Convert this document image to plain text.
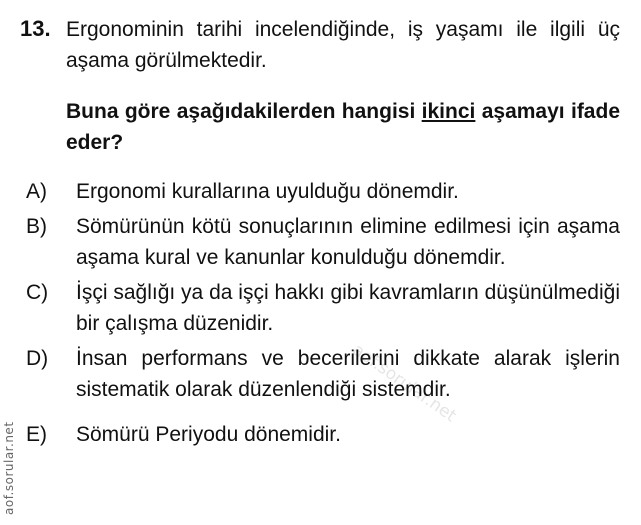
13. Ergonominin tarihi incelendiğinde, iş yaşamı ile ilgili üç aşama görülmektedir.

Buna göre aşağıdakilerden hangisi ikinci aşamayı ifade eder?

A)	Ergonomi kurallarına uyulduğu dönemdir.
B)	Sömürünün kötü sonuçlarının elimine edilmesi için aşama aşama kural ve kanunlar konulduğu dönemdir.
C)	İşçi sağlığı ya da işçi hakkı gibi kavramların düşünülmediği bir çalışma düzenidir.
D)	İnsan performans ve becerilerini dikkate alarak işlerin sistematik olarak düzenlendiği sistemdir.
E)	Sömürü Periyodu dönemidir.
aof.sorular.net
aof.sorular.net
